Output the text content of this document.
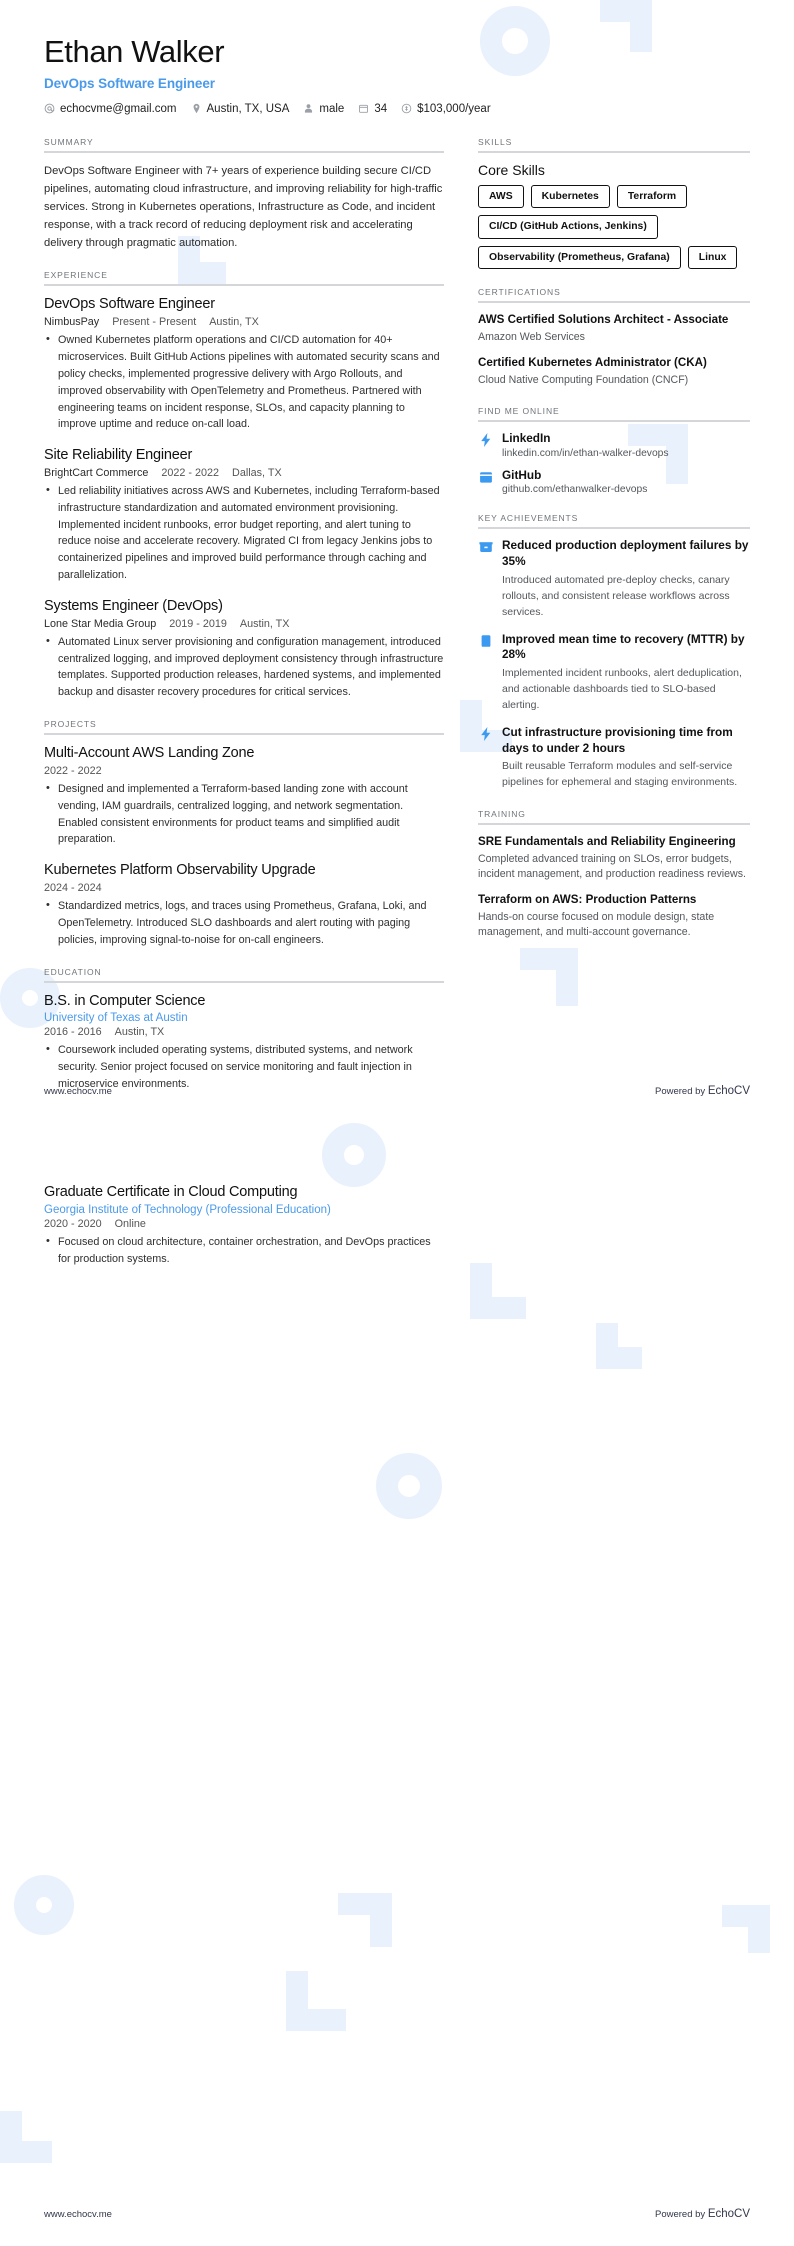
Ethan Walker
DevOps Software Engineer
echocvme@gmail.com	Austin, TX, USA	male	34	$103,000/year
SUMMARY
DevOps Software Engineer with 7+ years of experience building secure CI/CD pipelines, automating cloud infrastructure, and improving reliability for high-traffic services. Strong in Kubernetes operations, Infrastructure as Code, and incident response, with a track record of reducing deployment risk and accelerating delivery through pragmatic automation.
EXPERIENCE
DevOps Software Engineer
NimbusPay Present - Present Austin, TX
• Owned Kubernetes platform operations and CI/CD automation for 40+ microservices. Built GitHub Actions pipelines with automated security scans and policy checks, implemented progressive delivery with Argo Rollouts, and improved observability with OpenTelemetry and Prometheus. Partnered with engineering teams on incident response, SLOs, and capacity planning to improve uptime and reduce on-call load.
Site Reliability Engineer
BrightCart Commerce 2022 - 2022 Dallas, TX
• Led reliability initiatives across AWS and Kubernetes, including Terraform-based infrastructure standardization and automated environment provisioning. Implemented incident runbooks, error budget reporting, and alert tuning to reduce noise and accelerate recovery. Migrated CI from legacy Jenkins jobs to containerized pipelines and improved build performance through caching and parallelization.
Systems Engineer (DevOps)
Lone Star Media Group 2019 - 2019 Austin, TX
• Automated Linux server provisioning and configuration management, introduced centralized logging, and improved deployment consistency through infrastructure templates. Supported production releases, hardened systems, and implemented backup and disaster recovery procedures for critical services.
PROJECTS
Multi-Account AWS Landing Zone
2022 - 2022
• Designed and implemented a Terraform-based landing zone with account vending, IAM guardrails, centralized logging, and network segmentation. Enabled consistent environments for product teams and simplified audit preparation.
Kubernetes Platform Observability Upgrade
2024 - 2024
• Standardized metrics, logs, and traces using Prometheus, Grafana, Loki, and OpenTelemetry. Introduced SLO dashboards and alert routing with paging policies, improving signal-to-noise for on-call engineers.
EDUCATION
B.S. in Computer Science
University of Texas at Austin
2016 - 2016 Austin, TX
• Coursework included operating systems, distributed systems, and network security. Senior project focused on service monitoring and fault injection in microservice environments.
SKILLS
Core Skills
AWS	Kubernetes	Terraform
CI/CD (GitHub Actions, Jenkins)
Observability (Prometheus, Grafana)	Linux
CERTIFICATIONS
AWS Certified Solutions Architect - Associate
Amazon Web Services
Certified Kubernetes Administrator (CKA)
Cloud Native Computing Foundation (CNCF)
FIND ME ONLINE
LinkedIn
linkedin.com/in/ethan-walker-devops
GitHub
github.com/ethanwalker-devops
KEY ACHIEVEMENTS
Reduced production deployment failures by 35%
Introduced automated pre-deploy checks, canary rollouts, and consistent release workflows across services.
Improved mean time to recovery (MTTR) by 28%
Implemented incident runbooks, alert deduplication, and actionable dashboards tied to SLO-based alerting.
Cut infrastructure provisioning time from days to under 2 hours
Built reusable Terraform modules and self-service pipelines for ephemeral and staging environments.
TRAINING
SRE Fundamentals and Reliability Engineering
Completed advanced training on SLOs, error budgets, incident management, and production readiness reviews.
Terraform on AWS: Production Patterns
Hands-on course focused on module design, state management, and multi-account governance.
www.echocv.me	Powered by EchoCV
Graduate Certificate in Cloud Computing
Georgia Institute of Technology (Professional Education)
2020 - 2020 Online
• Focused on cloud architecture, container orchestration, and DevOps practices for production systems.
www.echocv.me	Powered by EchoCV
